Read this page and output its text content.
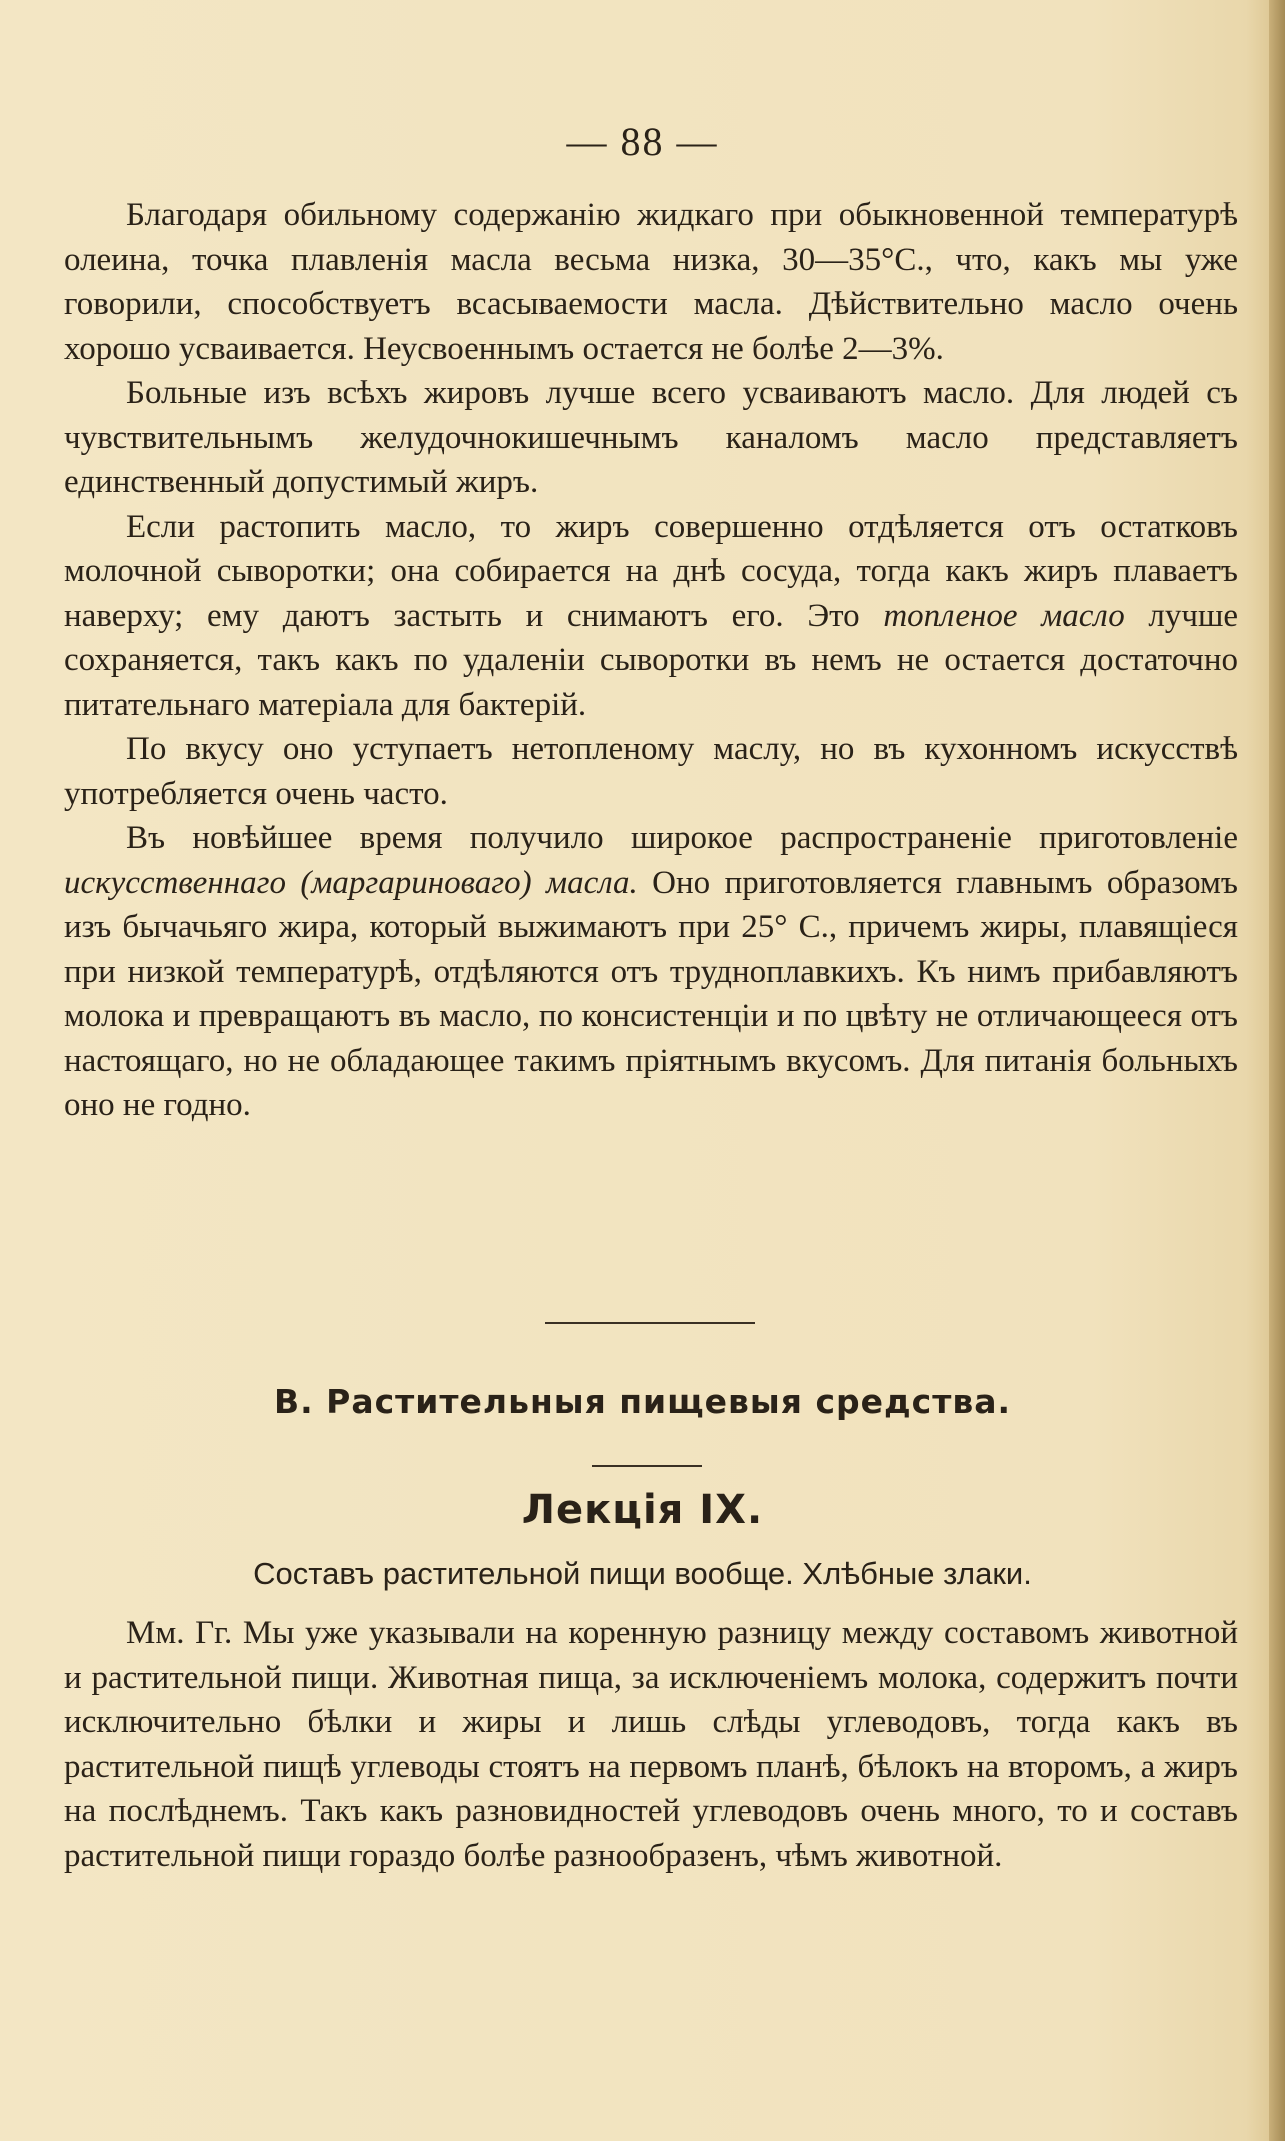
— 88 —

Благодаря обильному содержанію жидкаго при обыкновенной температурѣ олеина, точка плавленія масла весьма низка, 30—35°С., что, какъ мы уже говорили, способствуетъ всасываемости масла. Дѣйствительно масло очень хорошо усваивается. Неусвоеннымъ остается не болѣе 2—3%.

Больные изъ всѣхъ жировъ лучше всего усваиваютъ масло. Для людей съ чувствительнымъ желудочнокишечнымъ каналомъ масло представляетъ единственный допустимый жиръ.

Если растопить масло, то жиръ совершенно отдѣляется отъ остатковъ молочной сыворотки; она собирается на днѣ сосуда, тогда какъ жиръ плаваетъ наверху; ему даютъ застыть и снимаютъ его. Это топленое масло лучше сохраняется, такъ какъ по удаленіи сыворотки въ немъ не остается достаточно питательнаго матеріала для бактерій.

По вкусу оно уступаетъ нетопленому маслу, но въ кухонномъ искусствѣ употребляется очень часто.

Въ новѣйшее время получило широкое распространеніе приготовленіе искусственнаго (маргариноваго) масла. Оно приготовляется главнымъ образомъ изъ бычачьяго жира, который выжимаютъ при 25° С., причемъ жиры, плавящіеся при низкой температурѣ, отдѣляются отъ трудноплавкихъ. Къ нимъ прибавляютъ молока и превращаютъ въ масло, по консистенціи и по цвѣту не отличающееся отъ настоящаго, но не обладающее такимъ пріятнымъ вкусомъ. Для питанія больныхъ оно не годно.

B. Растительныя пищевыя средства.
Лекція IX.
Составъ растительной пищи вообще. Хлѣбные злаки.

Мм. Гг. Мы уже указывали на коренную разницу между составомъ животной и растительной пищи. Животная пища, за исключеніемъ молока, содержитъ почти исключительно бѣлки и жиры и лишь слѣды углеводовъ, тогда какъ въ растительной пищѣ углеводы стоятъ на первомъ планѣ, бѣлокъ на второмъ, а жиръ на послѣднемъ. Такъ какъ разновидностей углеводовъ очень много, то и составъ растительной пищи гораздо болѣе разнообразенъ, чѣмъ животной.
